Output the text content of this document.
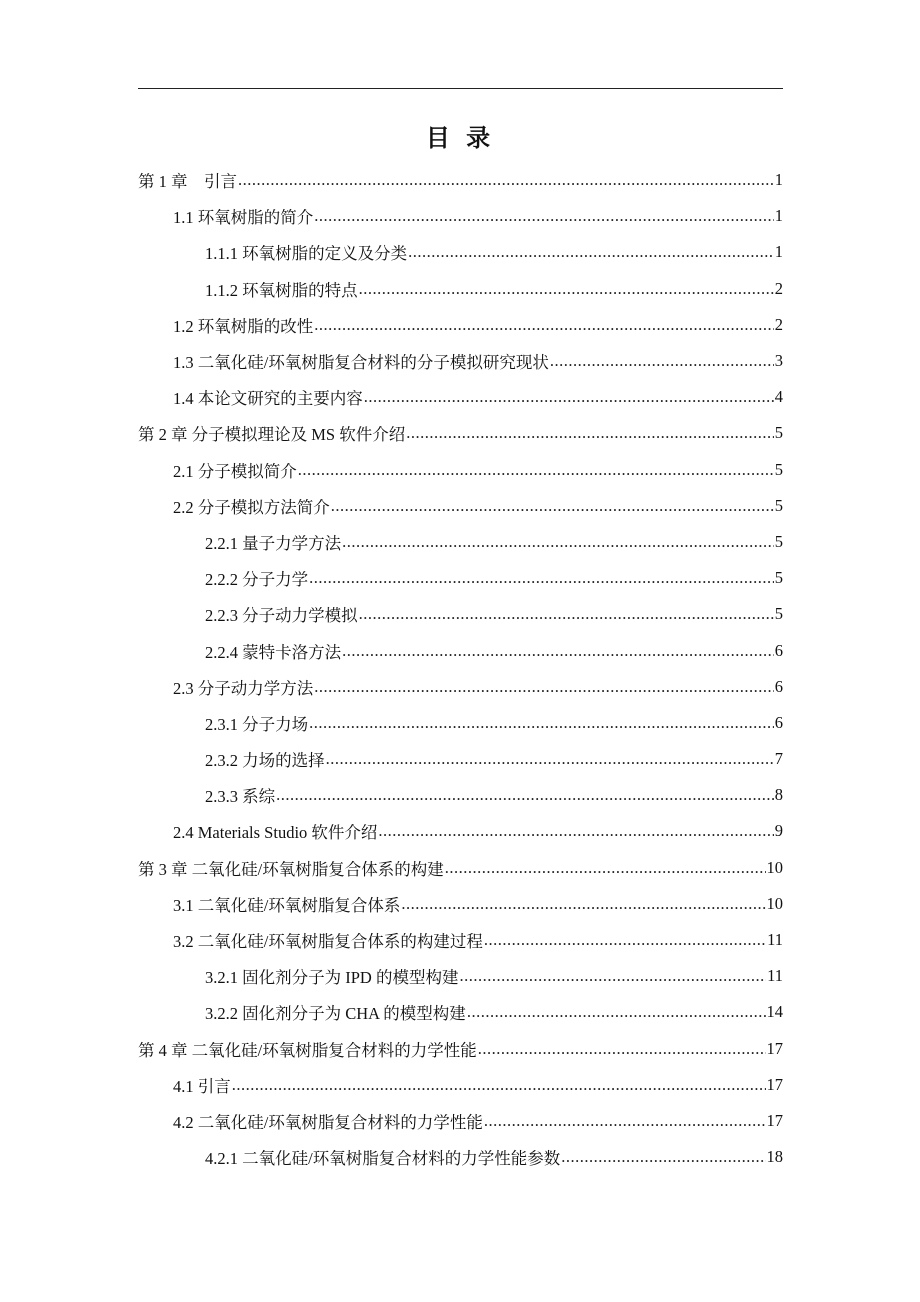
目 录
第 1 章　引言 .....	1
1.1 环氧树脂的简介 .....	1
1.1.1 环氧树脂的定义及分类 .....	1
1.1.2 环氧树脂的特点 .....	2
1.2 环氧树脂的改性 .....	2
1.3 二氧化硅/环氧树脂复合材料的分子模拟研究现状 .....	3
1.4 本论文研究的主要内容 .....	4
第 2 章 分子模拟理论及 MS 软件介绍 .....	5
2.1 分子模拟简介 .....	5
2.2 分子模拟方法简介 .....	5
2.2.1 量子力学方法 .....	5
2.2.2 分子力学 .....	5
2.2.3 分子动力学模拟 .....	5
2.2.4 蒙特卡洛方法 .....	6
2.3 分子动力学方法 .....	6
2.3.1 分子力场 .....	6
2.3.2 力场的选择 .....	7
2.3.3 系综 .....	8
2.4 Materials Studio 软件介绍 .....	9
第 3 章 二氧化硅/环氧树脂复合体系的构建 .....	10
3.1 二氧化硅/环氧树脂复合体系 .....	10
3.2 二氧化硅/环氧树脂复合体系的构建过程 .....	11
3.2.1 固化剂分子为 IPD 的模型构建 .....	11
3.2.2 固化剂分子为 CHA 的模型构建 .....	14
第 4 章 二氧化硅/环氧树脂复合材料的力学性能 .....	17
4.1 引言 .....	17
4.2 二氧化硅/环氧树脂复合材料的力学性能 .....	17
4.2.1 二氧化硅/环氧树脂复合材料的力学性能参数 .....	18
